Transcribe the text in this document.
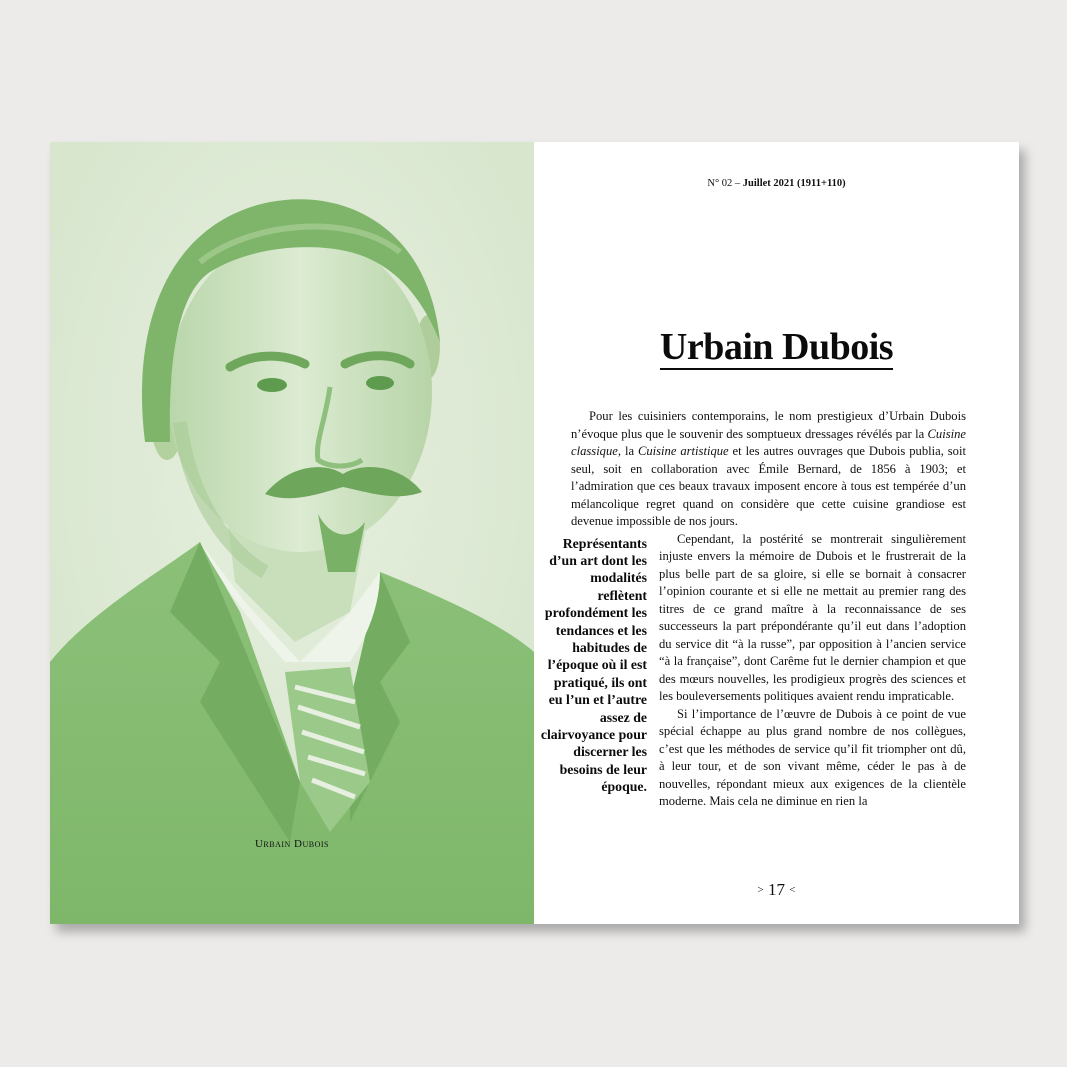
Urbain Dubois
N° 02 – Juillet 2021 (1911+110)
Urbain Dubois

Pour les cuisiniers contemporains, le nom prestigieux d’Urbain Dubois n’évoque plus que le souvenir des somptueux dressages révélés par la Cuisine classique, la Cuisine artistique et les autres ouvrages que Dubois publia, soit seul, soit en collaboration avec Émile Bernard, de 1856 à 1903; et l’admiration que ces beaux travaux imposent encore à tous est tempérée d’un mélancolique regret quand on considère que cette cuisine grandiose est devenue impossible de nos jours.

Représentants d’un art dont les modalités reflètent profondément les tendances et les habitudes de l’époque où il est pratiqué, ils ont eu l’un et l’autre assez de clairvoyance pour discerner les besoins de leur époque.

Cependant, la postérité se montrerait singulièrement injuste envers la mémoire de Dubois et le frustrerait de la plus belle part de sa gloire, si elle se bornait à consacrer l’opinion courante et si elle ne mettait au premier rang des titres de ce grand maître à la reconnaissance de ses successeurs la part prépondérante qu’il eut dans l’adoption du service dit “à la russe”, par opposition à l’ancien service “à la française”, dont Carême fut le dernier champion et que des mœurs nouvelles, les prodigieux progrès des sciences et les bouleversements politiques avaient rendu impraticable.

Si l’importance de l’œuvre de Dubois à ce point de vue spécial échappe au plus grand nombre de nos collègues, c’est que les méthodes de service qu’il fit triompher ont dû, à leur tour, et de son vivant même, céder le pas à de nouvelles, répondant mieux aux exigences de la clientèle moderne. Mais cela ne diminue en rien la

> 17 <
